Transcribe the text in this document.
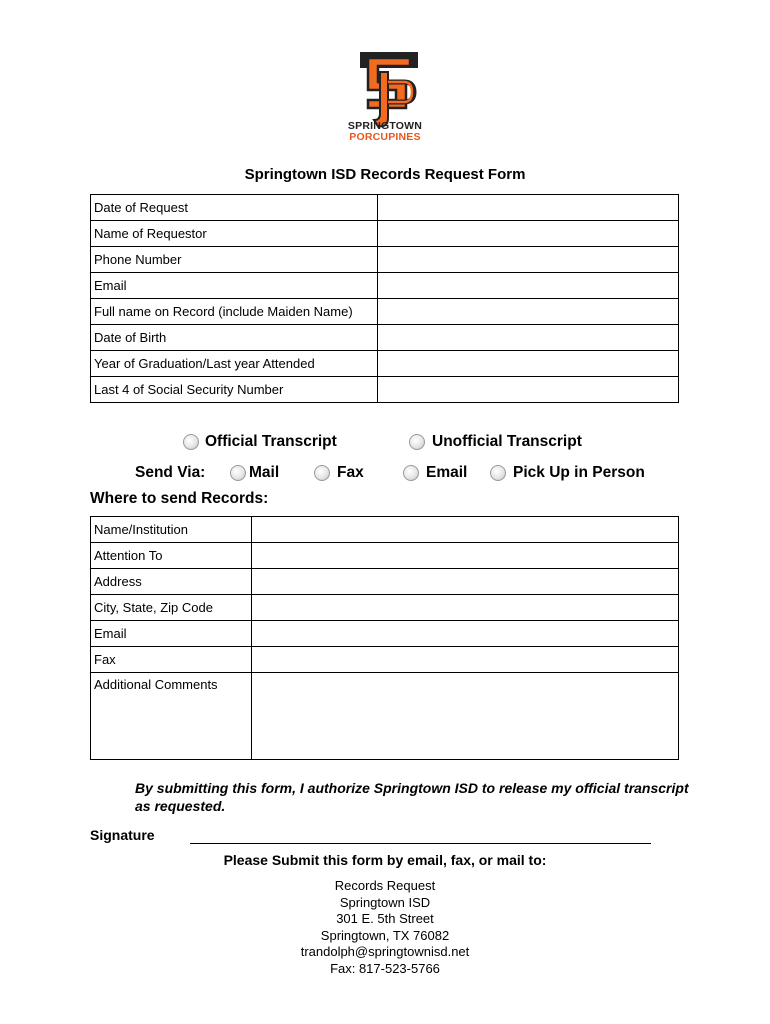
SPRINGTOWN
PORCUPINES
Springtown ISD Records Request Form
Date of Request	
Name of Requestor	
Phone Number	
Email	
Full name on Record (include Maiden Name)	
Date of Birth	
Year of Graduation/Last year Attended	
Last 4 of Social Security Number	
Official Transcript	Unofficial Transcript
Send Via:	Mail	Fax	Email	Pick Up in Person
Where to send Records:
Name/Institution	
Attention To	
Address	
City, State, Zip Code	
Email	
Fax	
Additional Comments	
By submitting this form, I authorize Springtown ISD to release my official transcript as requested.
Signature
Please Submit this form by email, fax, or mail to:
Records Request
Springtown ISD
301 E. 5th Street
Springtown, TX 76082
trandolph@springtownisd.net
Fax: 817-523-5766
